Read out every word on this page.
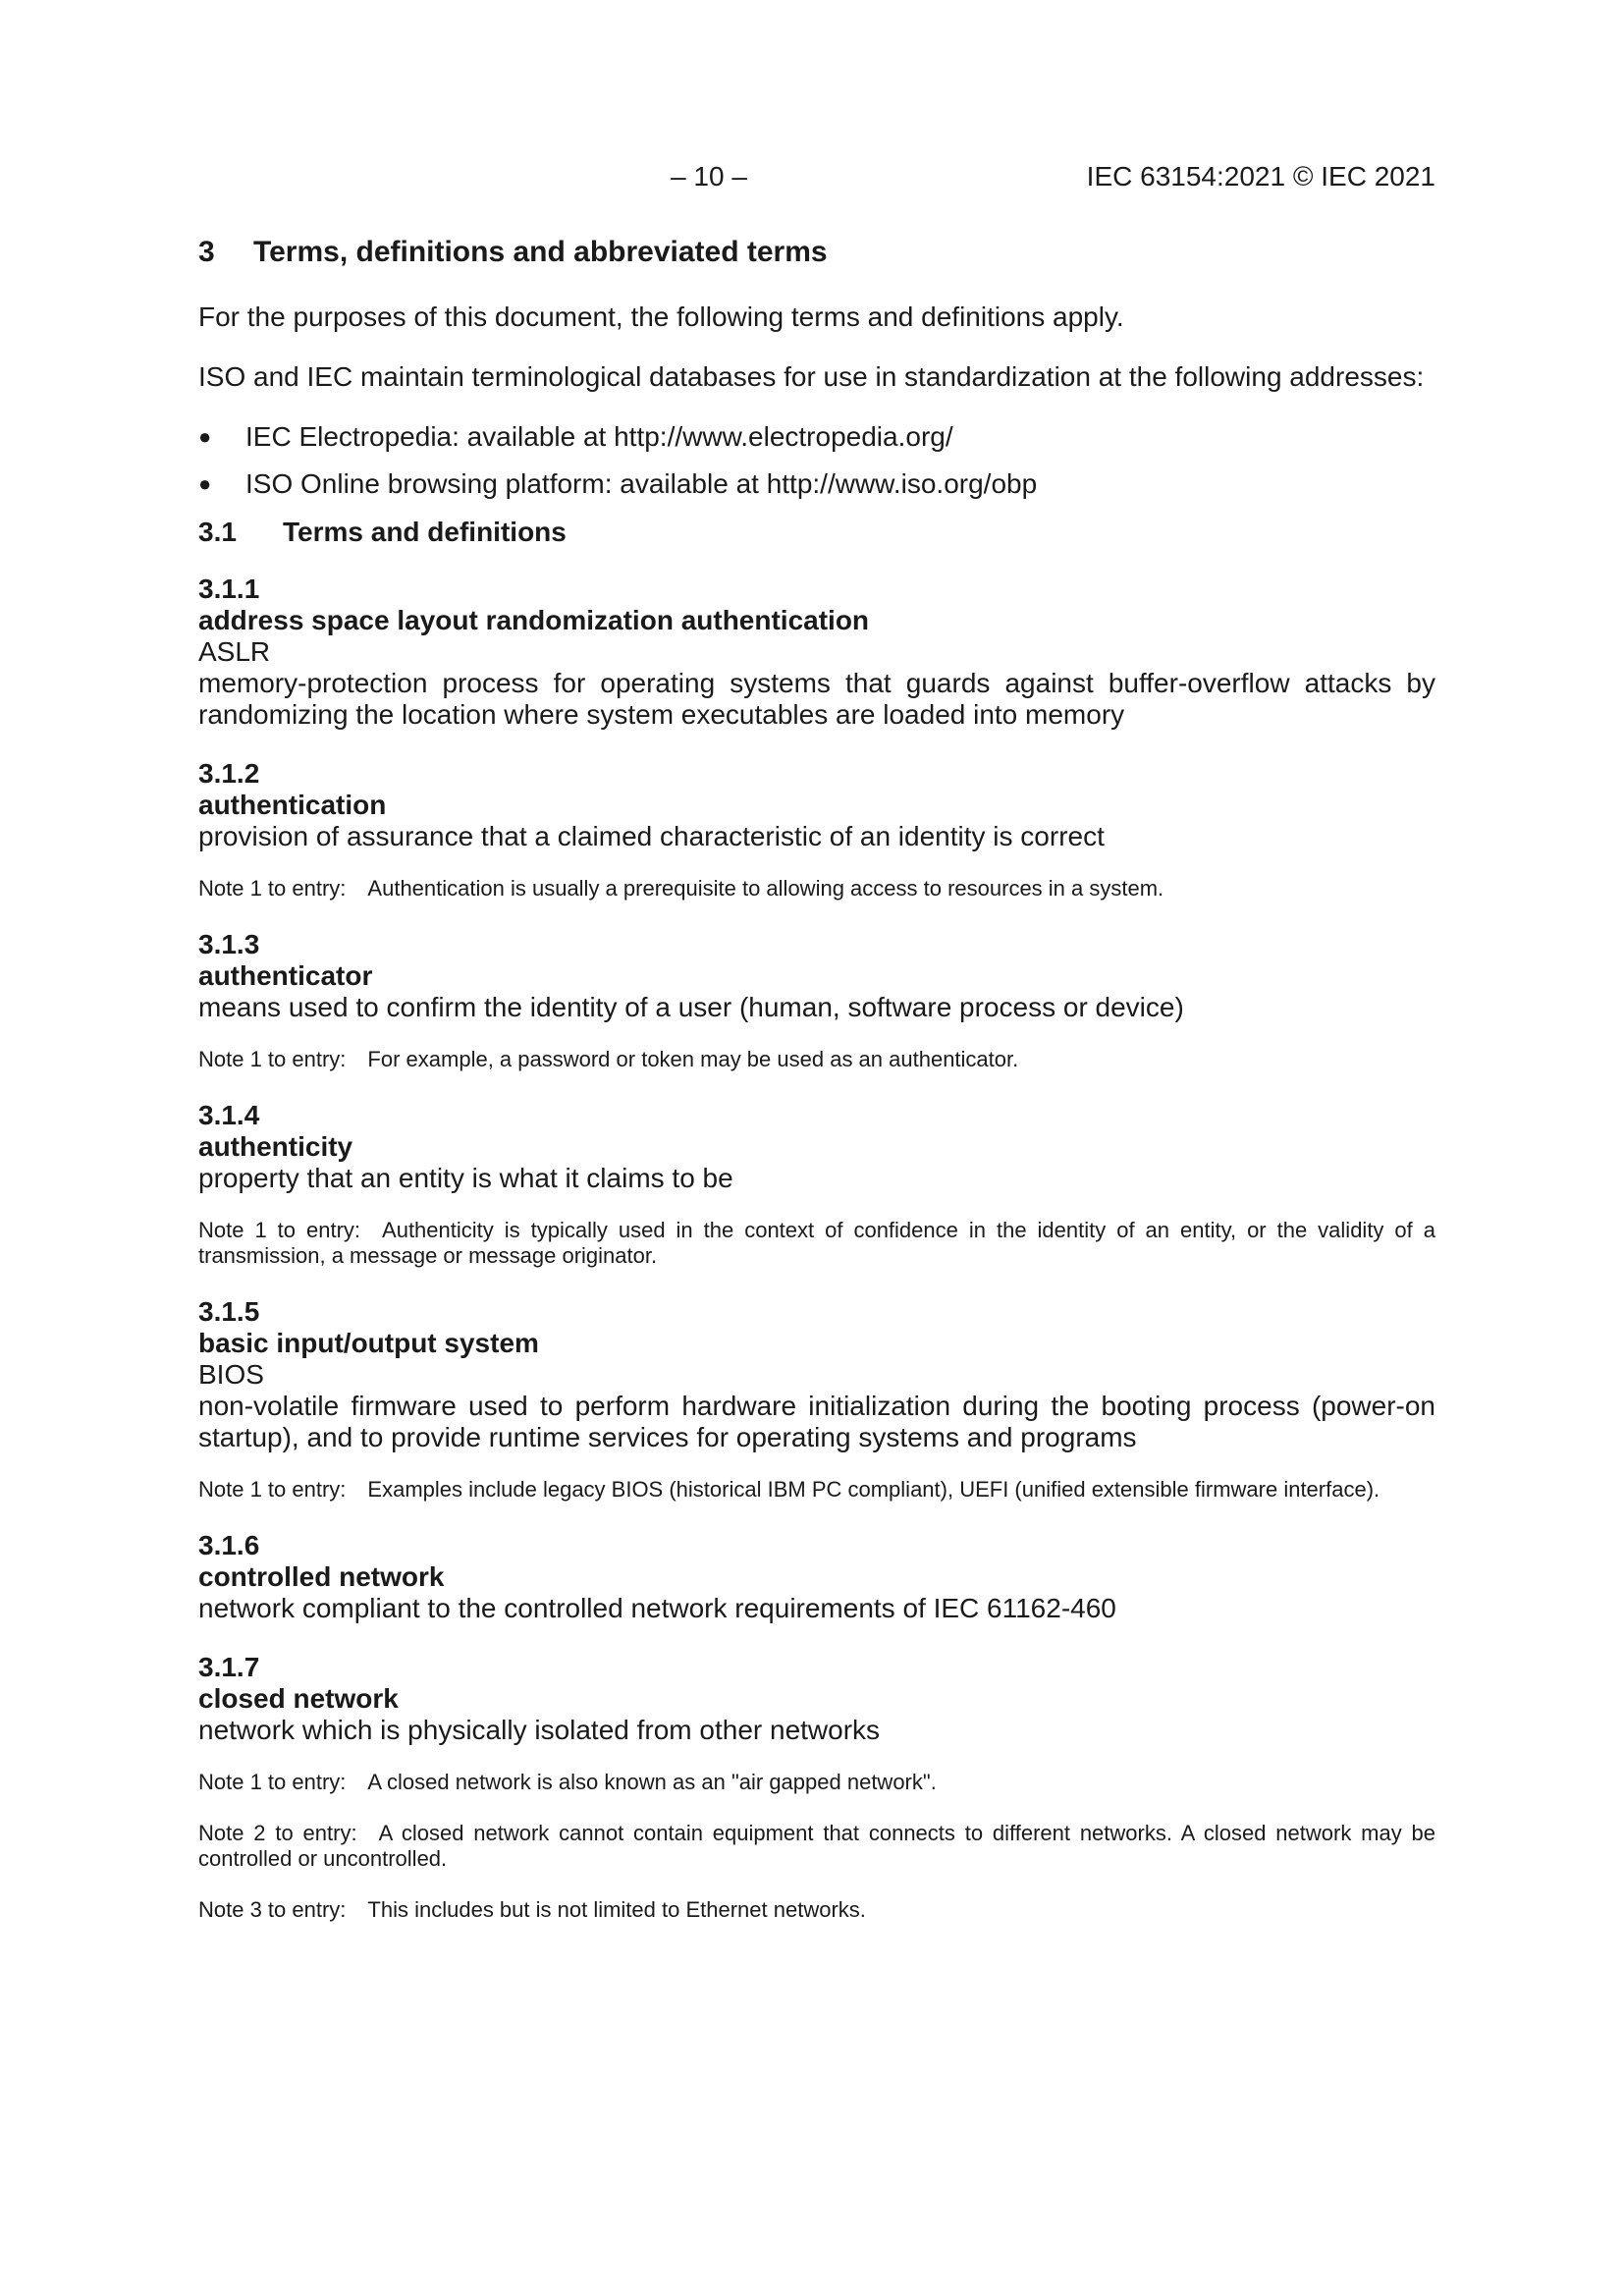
– 10 –	IEC 63154:2021 © IEC 2021
3	Terms, definitions and abbreviated terms

For the purposes of this document, the following terms and definitions apply.

ISO and IEC maintain terminological databases for use in standardization at the following addresses:

●	IEC Electropedia: available at http://www.electropedia.org/
●	ISO Online browsing platform: available at http://www.iso.org/obp
3.1	Terms and definitions
3.1.1
address space layout randomization authentication
ASLR
memory-protection process for operating systems that guards against buffer-overflow attacks by randomizing the location where system executables are loaded into memory
3.1.2
authentication
provision of assurance that a claimed characteristic of an identity is correct
Note 1 to entry: Authentication is usually a prerequisite to allowing access to resources in a system.
3.1.3
authenticator
means used to confirm the identity of a user (human, software process or device)
Note 1 to entry: For example, a password or token may be used as an authenticator.
3.1.4
authenticity
property that an entity is what it claims to be
Note 1 to entry: Authenticity is typically used in the context of confidence in the identity of an entity, or the validity of a transmission, a message or message originator.
3.1.5
basic input/output system
BIOS
non-volatile firmware used to perform hardware initialization during the booting process (power-on startup), and to provide runtime services for operating systems and programs
Note 1 to entry: Examples include legacy BIOS (historical IBM PC compliant), UEFI (unified extensible firmware interface).
3.1.6
controlled network
network compliant to the controlled network requirements of IEC 61162-460
3.1.7
closed network
network which is physically isolated from other networks
Note 1 to entry: A closed network is also known as an "air gapped network".
Note 2 to entry: A closed network cannot contain equipment that connects to different networks. A closed network may be controlled or uncontrolled.
Note 3 to entry: This includes but is not limited to Ethernet networks.
